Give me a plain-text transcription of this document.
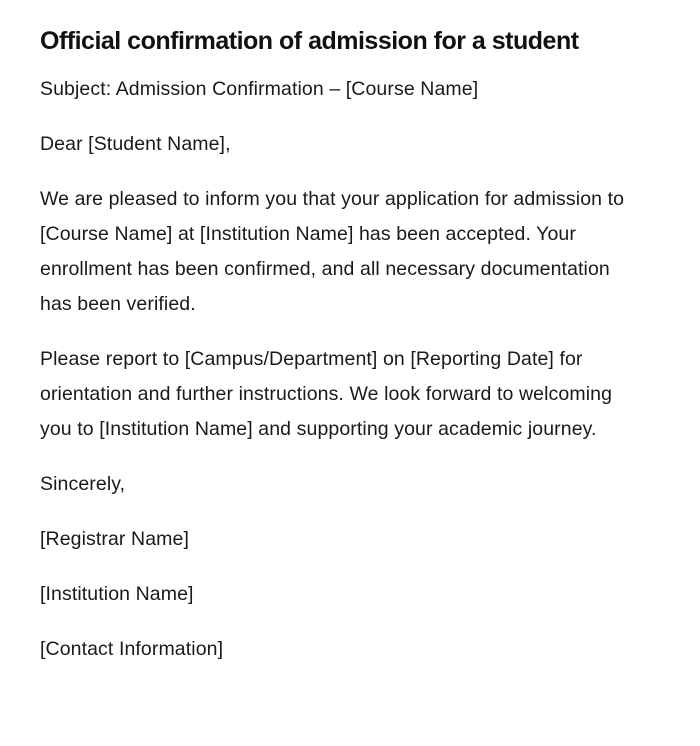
Official confirmation of admission for a student

Subject: Admission Confirmation – [Course Name]

Dear [Student Name],

We are pleased to inform you that your application for admission to [Course Name] at [Institution Name] has been accepted. Your enrollment has been confirmed, and all necessary documentation has been verified.

Please report to [Campus/Department] on [Reporting Date] for orientation and further instructions. We look forward to welcoming you to [Institution Name] and supporting your academic journey.

Sincerely,

[Registrar Name]

[Institution Name]

[Contact Information]
